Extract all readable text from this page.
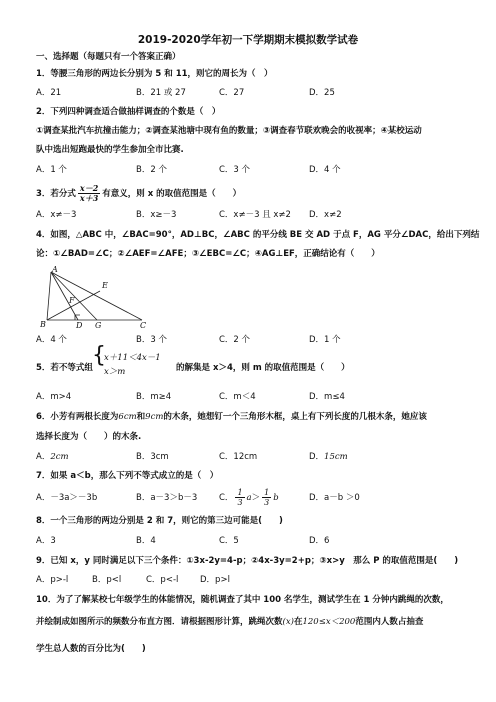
2019-2020学年初一下学期期末模拟数学试卷
一、选择题（每题只有一个答案正确）
1．等腰三角形的两边长分别为 5 和 11，则它的周长为（　）
A．21	B．21 或 27	C．27	D．25
2．下列四种调查适合做抽样调查的个数是（　）
①调查某批汽车抗撞击能力；②调查某池塘中现有鱼的数量；③调查春节联欢晚会的收视率；④某校运动
队中选出短跑最快的学生参加全市比赛.
A．1 个	B．2 个	C．3 个	D．4 个
3．若分式 $\frac{x-2}{x+3}$ 有意义，则 x 的取值范围是（　　）
A．x≠－3	B．x≥－3	C．x≠－3 且 x≠2 D．x≠2
4．如图，△ABC 中，∠BAC=90°，AD⊥BC，∠ABC 的平分线 BE 交 AD 于点 F，AG 平分∠DAC，给出下列结
论：①∠BAD=∠C；②∠AEF=∠AFE；③∠EBC=∠C；④AG⊥EF，正确结论有（　　）
A
B	C
D
E
F
G
A．4 个	B．3 个	C．2 个	D．1 个
5．若不等式组 {
x＋11＜4x－1
x＞m	的解集是 x＞4，则 m 的取值范围是（　　）
A．m>4	B．m≥4	C．m＜4	D．m≤4
6．小芳有两根长度为6cm和9cm的木条，她想钉一个三角形木框，桌上有下列长度的几根木条，她应该
选择长度为（　　）的木条.
A．2cm	B．3cm	C．12cm	D．15cm
7．如果 a＜b，那么下列不等式成立的是（　）
A．－3a＞－3b	B．a－3＞b－3	C． $\frac{1}{3} a> \frac{1}{3}$ b	D．a－b ＞0
8．一个三角形的两边分别是 2 和 7，则它的第三边可能是(　　)
A．3	B．4	C．5	D．6
9．已知 x，y 同时满足以下三个条件：①3x-2y=4-p；②4x-3y=2+p；③x>y　那么 P 的取值范围是(　　)
A．p>-l	B．p<l	C．p<-l	D．p>l
10．为了了解某校七年级学生的体能情况，随机调查了其中 100 名学生，测试学生在 1 分钟内跳绳的次数，
并绘制成如图所示的频数分布直方图．请根据图形计算，跳绳次数(x)在120≤x＜200范围内人数占抽查
学生总人数的百分比为(　　)
